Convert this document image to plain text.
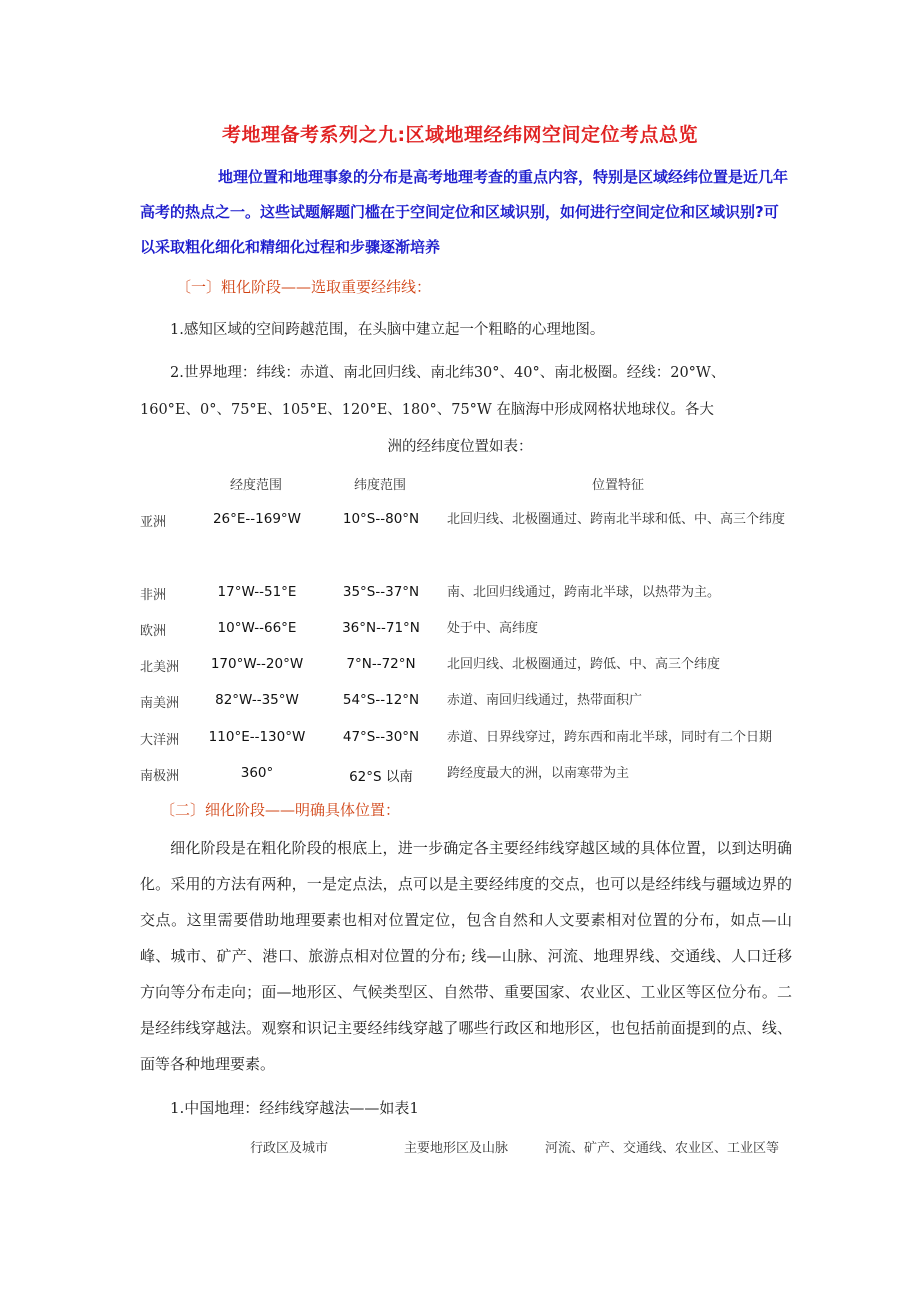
考地理备考系列之九:区域地理经纬网空间定位考点总览
地理位置和地理事象的分布是高考地理考查的重点内容，特别是区域经纬位置是近几年高考的热点之一。这些试题解题门槛在于空间定位和区域识别，如何进行空间定位和区域识别?可以采取粗化细化和精细化过程和步骤逐渐培养
〔一〕粗化阶段——选取重要经纬线：
1.感知区域的空间跨越范围，在头脑中建立起一个粗略的心理地图。
2.世界地理：纬线：赤道、南北回归线、南北纬30°、40°、南北极圈。经线：20°W、
160°E、0°、75°E、105°E、120°E、180°、75°W 在脑海中形成网格状地球仪。各大
洲的经纬度位置如表：
经度范围	纬度范围	位置特征
亚洲	26°E--169°W	10°S--80°N	北回归线、北极圈通过、跨南北半球和低、中、高三个纬度
非洲	17°W--51°E	35°S--37°N	南、北回归线通过，跨南北半球，以热带为主。
欧洲	10°W--66°E	36°N--71°N	处于中、高纬度
北美洲	170°W--20°W	7°N--72°N	北回归线、北极圈通过，跨低、中、高三个纬度
南美洲	82°W--35°W	54°S--12°N	赤道、南回归线通过，热带面积广
大洋洲	110°E--130°W	47°S--30°N	赤道、日界线穿过，跨东西和南北半球，同时有二个日期
南极洲	360°	62°S 以南	跨经度最大的洲，以南寒带为主
〔二〕细化阶段——明确具体位置：
细化阶段是在粗化阶段的根底上，进一步确定各主要经纬线穿越区域的具体位置，以到达明确化。采用的方法有两种，一是定点法，点可以是主要经纬度的交点，也可以是经纬线与疆域边界的交点。这里需要借助地理要素也相对位置定位，包含自然和人文要素相对位置的分布，如点—山峰、城市、矿产、港口、旅游点相对位置的分布; 线—山脉、河流、地理界线、交通线、人口迁移方向等分布走向；面—地形区、气候类型区、自然带、重要国家、农业区、工业区等区位分布。二是经纬线穿越法。观察和识记主要经纬线穿越了哪些行政区和地形区，也包括前面提到的点、线、面等各种地理要素。
1.中国地理：经纬线穿越法——如表1
行政区及城市	主要地形区及山脉	河流、矿产、交通线、农业区、工业区等
